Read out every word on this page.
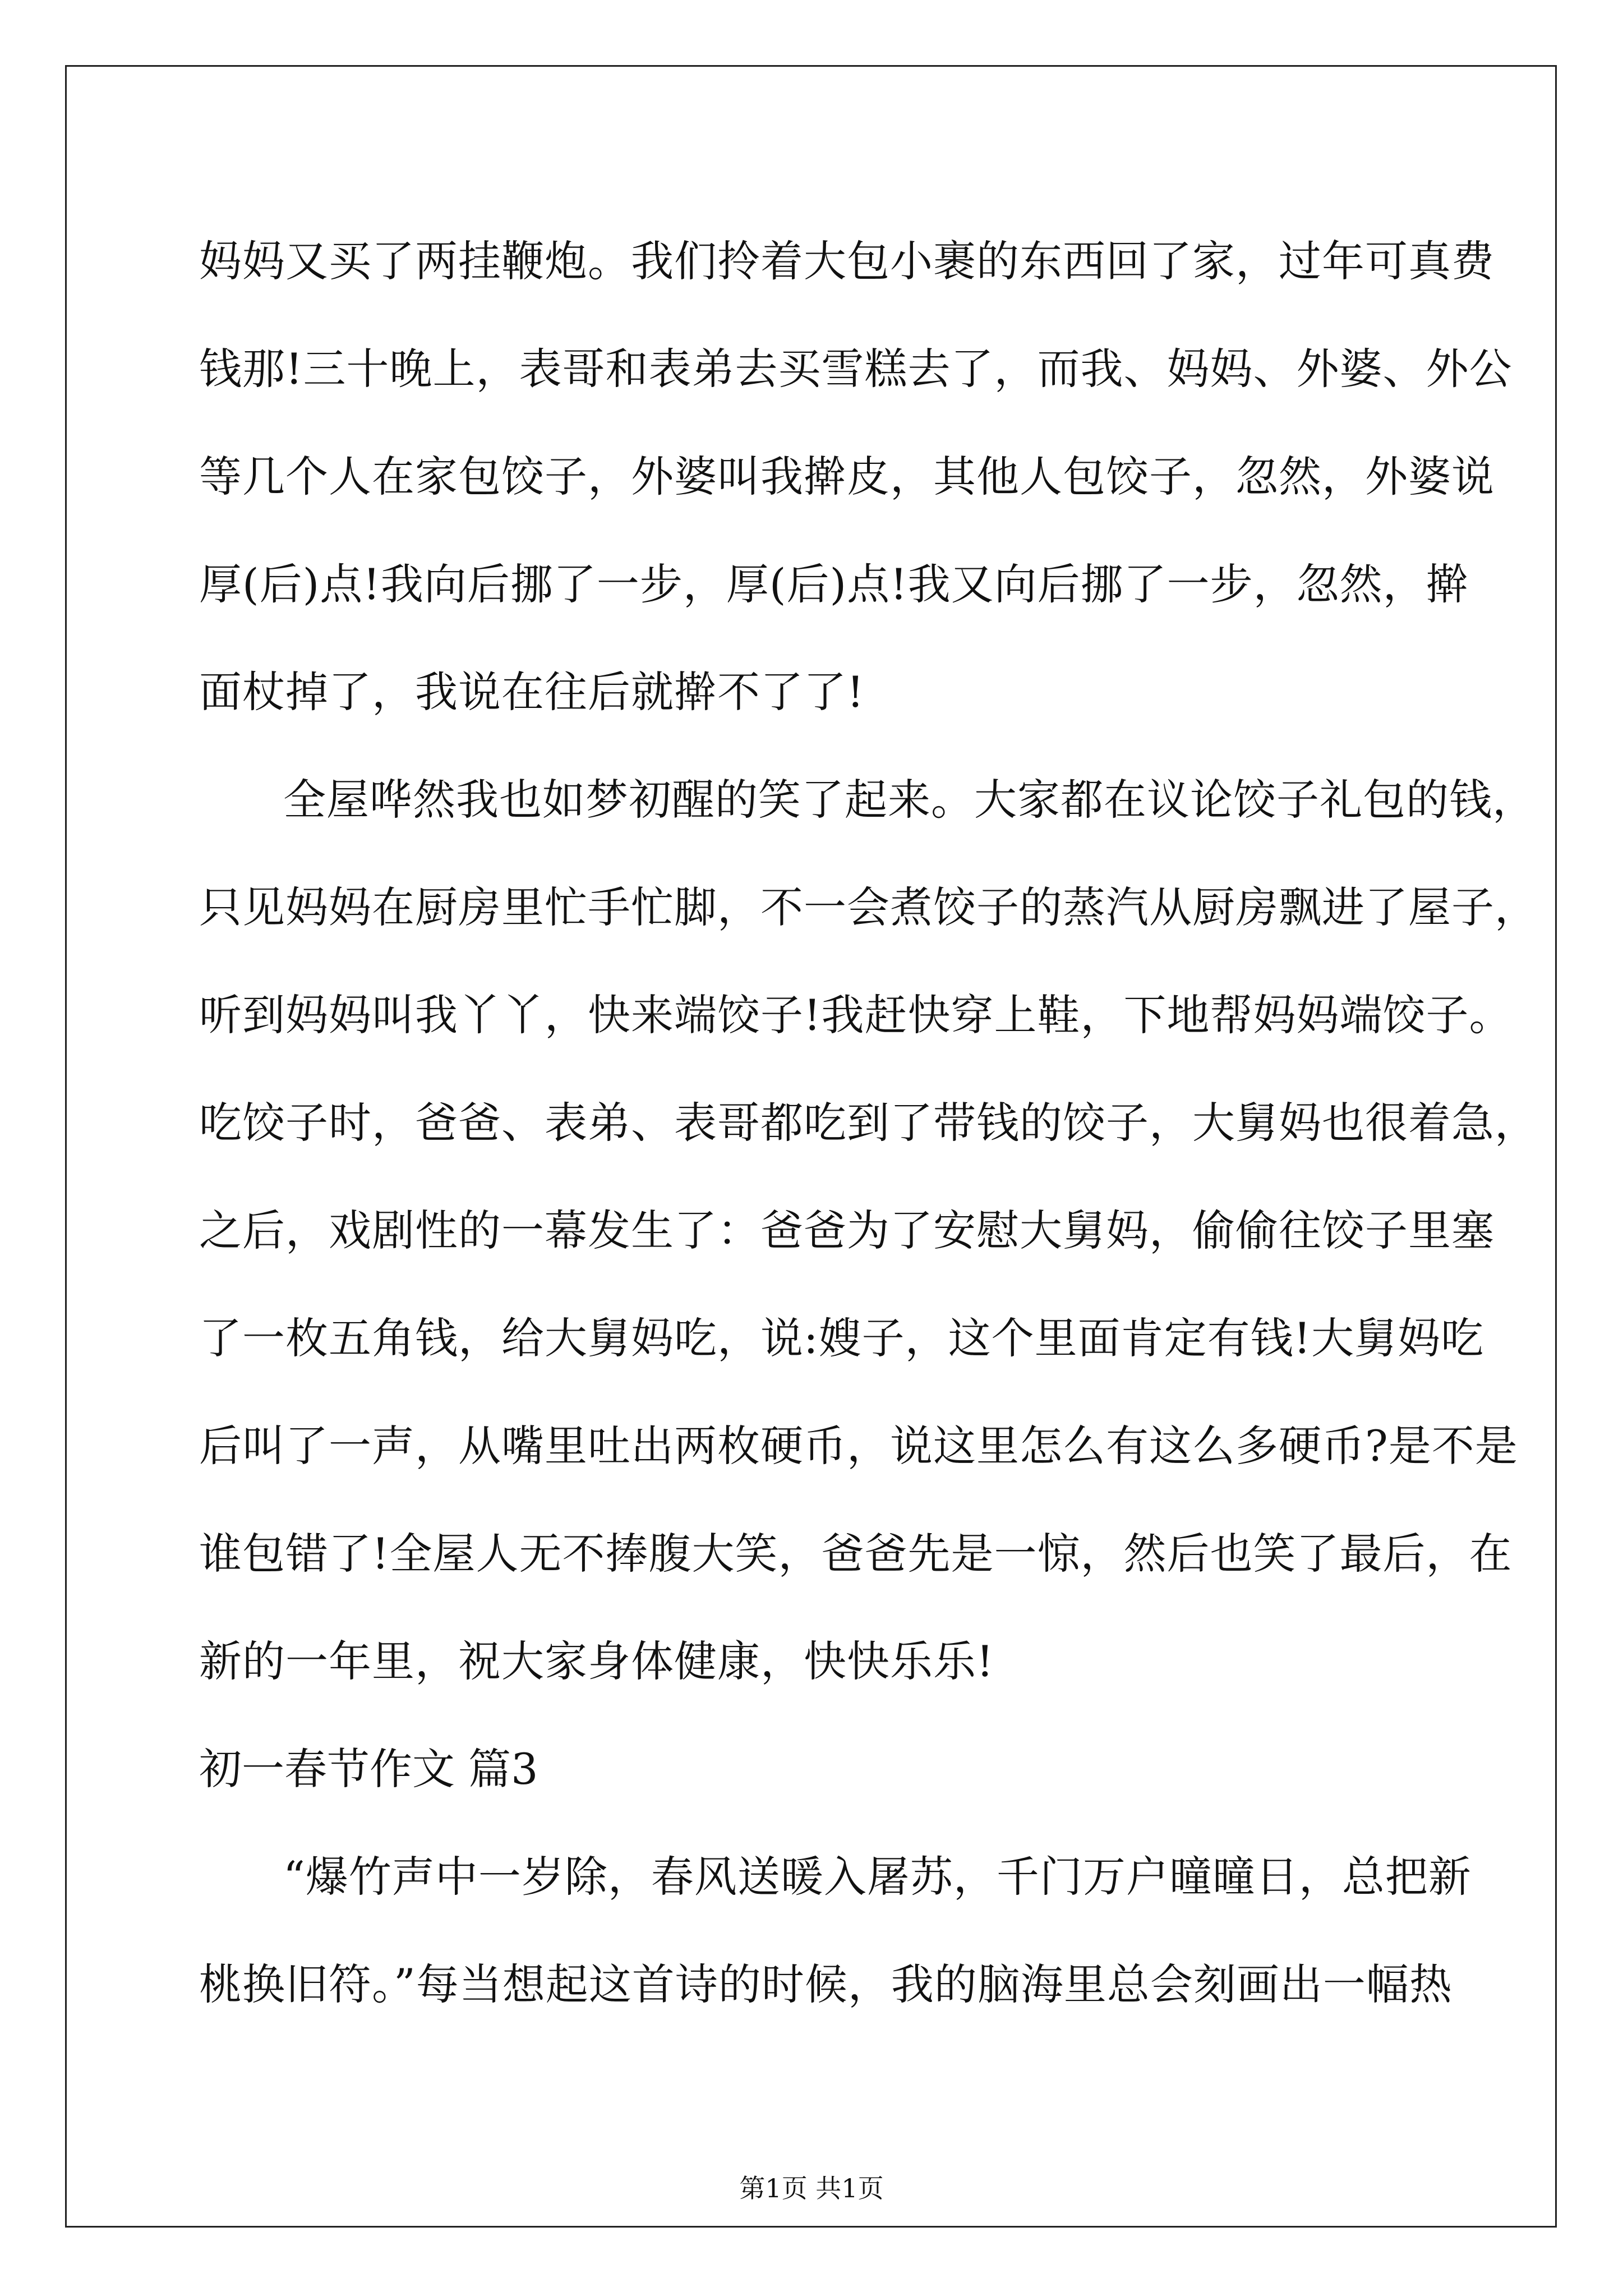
妈妈又买了两挂鞭炮。我们拎着大包小裹的东西回了家，过年可真费
钱那!三十晚上，表哥和表弟去买雪糕去了，而我、妈妈、外婆、外公
等几个人在家包饺子，外婆叫我擀皮，其他人包饺子，忽然，外婆说
厚(后)点!我向后挪了一步，厚(后)点!我又向后挪了一步，忽然，擀
面杖掉了，我说在往后就擀不了了!
全屋哗然我也如梦初醒的笑了起来。大家都在议论饺子礼包的钱，
只见妈妈在厨房里忙手忙脚，不一会煮饺子的蒸汽从厨房飘进了屋子，
听到妈妈叫我丫丫，快来端饺子!我赶快穿上鞋，下地帮妈妈端饺子。
吃饺子时，爸爸、表弟、表哥都吃到了带钱的饺子，大舅妈也很着急，
之后，戏剧性的一幕发生了：爸爸为了安慰大舅妈，偷偷往饺子里塞
了一枚五角钱，给大舅妈吃，说:嫂子，这个里面肯定有钱!大舅妈吃
后叫了一声，从嘴里吐出两枚硬币，说这里怎么有这么多硬币?是不是
谁包错了!全屋人无不捧腹大笑，爸爸先是一惊，然后也笑了最后，在
新的一年里，祝大家身体健康，快快乐乐!
初一春节作文 篇3
“爆竹声中一岁除，春风送暖入屠苏，千门万户曈曈日，总把新
桃换旧符。”每当想起这首诗的时候，我的脑海里总会刻画出一幅热
第1页 共1页
